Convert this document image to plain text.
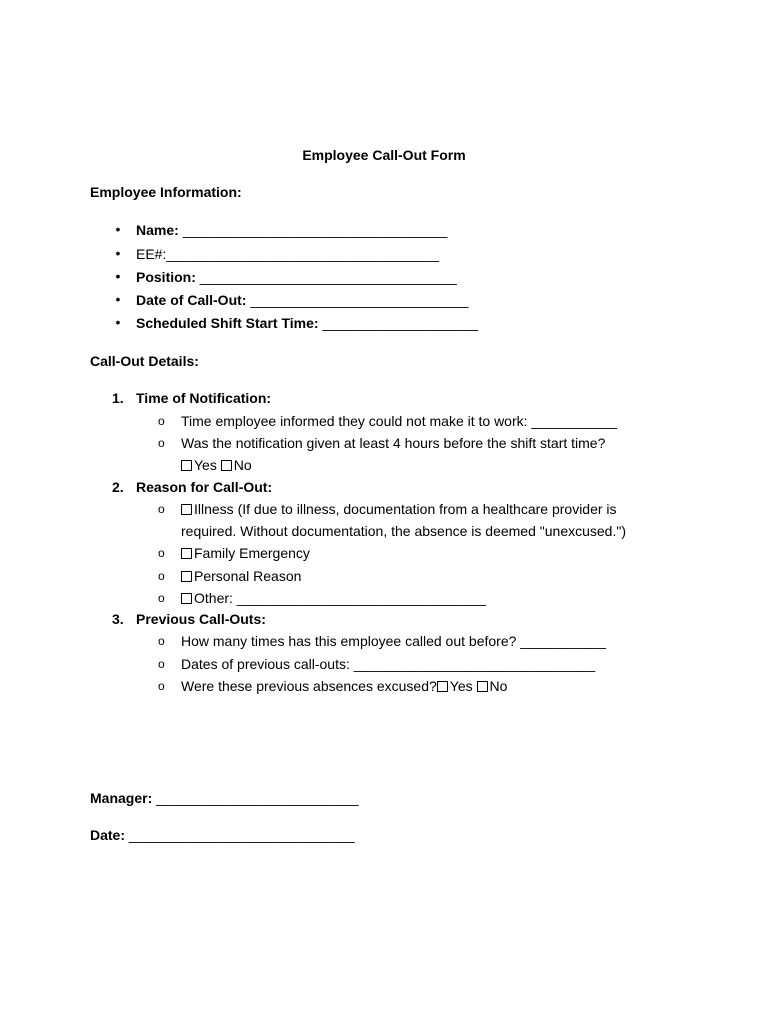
Employee Call-Out Form
Employee Information:
• Name: __________________________________
• EE#:___________________________________
• Position: _________________________________
• Date of Call-Out: ____________________________
• Scheduled Shift Start Time: ____________________
Call-Out Details:
1. Time of Notification:
o Time employee informed they could not make it to work: ___________
o Was the notification given at least 4 hours before the shift start time?
Yes No
2. Reason for Call-Out:
o	Illness (If due to illness, documentation from a healthcare provider is
required. Without documentation, the absence is deemed "unexcused.")
o	Family Emergency
o	Personal Reason
o	Other: ________________________________
3. Previous Call-Outs:
o How many times has this employee called out before? ___________
o Dates of previous call-outs: _______________________________
o Were these previous absences excused? Yes No
Manager: __________________________
Date: _____________________________
